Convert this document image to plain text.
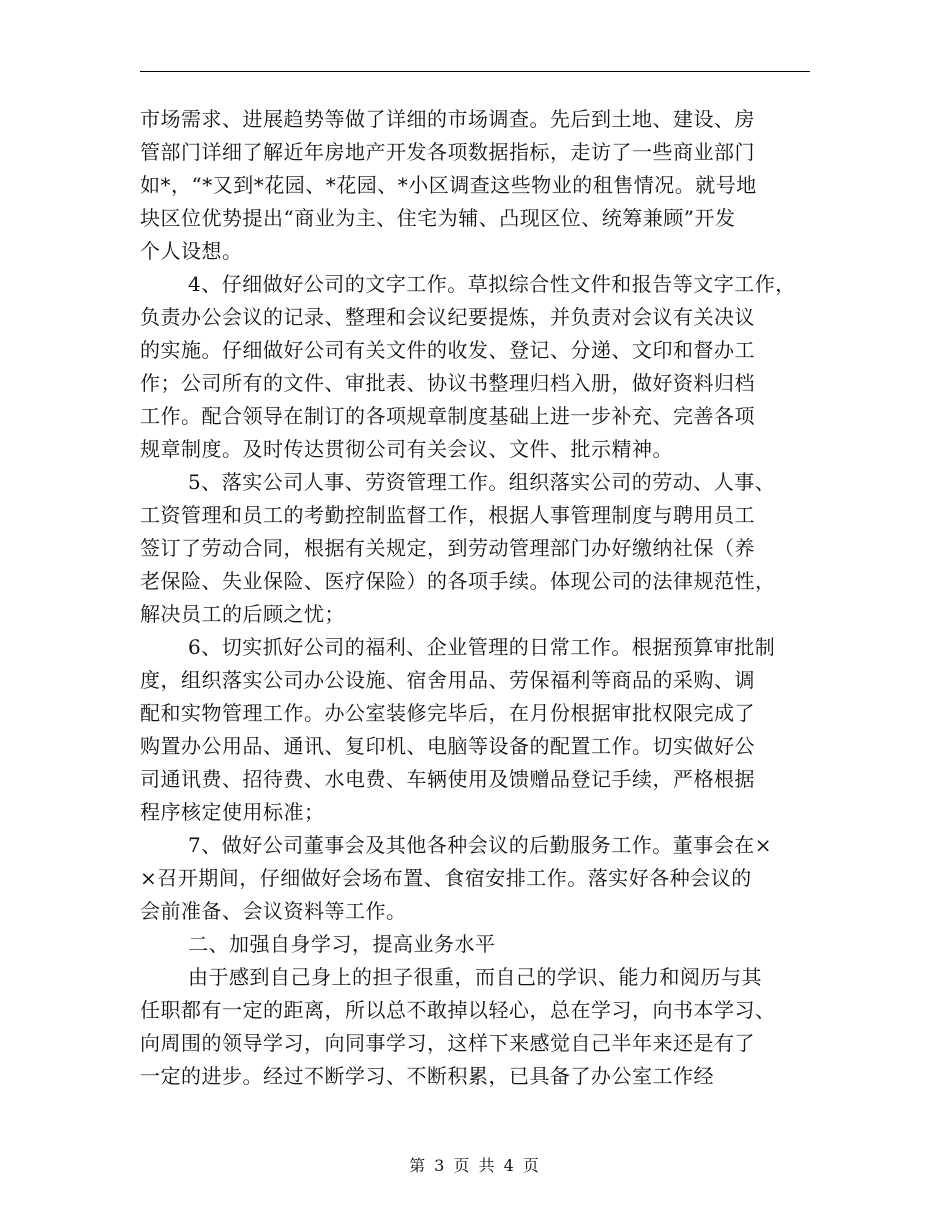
市场需求、进展趋势等做了详细的市场调查。先后到土地、建设、房
管部门详细了解近年房地产开发各项数据指标，走访了一些商业部门
如*，“*又到*花园、*花园、*小区调查这些物业的租售情况。就号地
块区位优势提出“商业为主、住宅为辅、凸现区位、统筹兼顾”开发
个人设想。
4、仔细做好公司的文字工作。草拟综合性文件和报告等文字工作，
负责办公会议的记录、整理和会议纪要提炼，并负责对会议有关决议
的实施。仔细做好公司有关文件的收发、登记、分递、文印和督办工
作；公司所有的文件、审批表、协议书整理归档入册，做好资料归档
工作。配合领导在制订的各项规章制度基础上进一步补充、完善各项
规章制度。及时传达贯彻公司有关会议、文件、批示精神。
5、落实公司人事、劳资管理工作。组织落实公司的劳动、人事、
工资管理和员工的考勤控制监督工作，根据人事管理制度与聘用员工
签订了劳动合同，根据有关规定，到劳动管理部门办好缴纳社保（养
老保险、失业保险、医疗保险）的各项手续。体现公司的法律规范性，
解决员工的后顾之忧；
6、切实抓好公司的福利、企业管理的日常工作。根据预算审批制
度，组织落实公司办公设施、宿舍用品、劳保福利等商品的采购、调
配和实物管理工作。办公室装修完毕后，在月份根据审批权限完成了
购置办公用品、通讯、复印机、电脑等设备的配置工作。切实做好公
司通讯费、招待费、水电费、车辆使用及馈赠品登记手续，严格根据
程序核定使用标准；
7、做好公司董事会及其他各种会议的后勤服务工作。董事会在×
×召开期间，仔细做好会场布置、食宿安排工作。落实好各种会议的
会前准备、会议资料等工作。
二、加强自身学习，提高业务水平
由于感到自己身上的担子很重，而自己的学识、能力和阅历与其
任职都有一定的距离，所以总不敢掉以轻心，总在学习，向书本学习、
向周围的领导学习，向同事学习，这样下来感觉自己半年来还是有了
一定的进步。经过不断学习、不断积累，已具备了办公室工作经
第 3 页 共 4 页
